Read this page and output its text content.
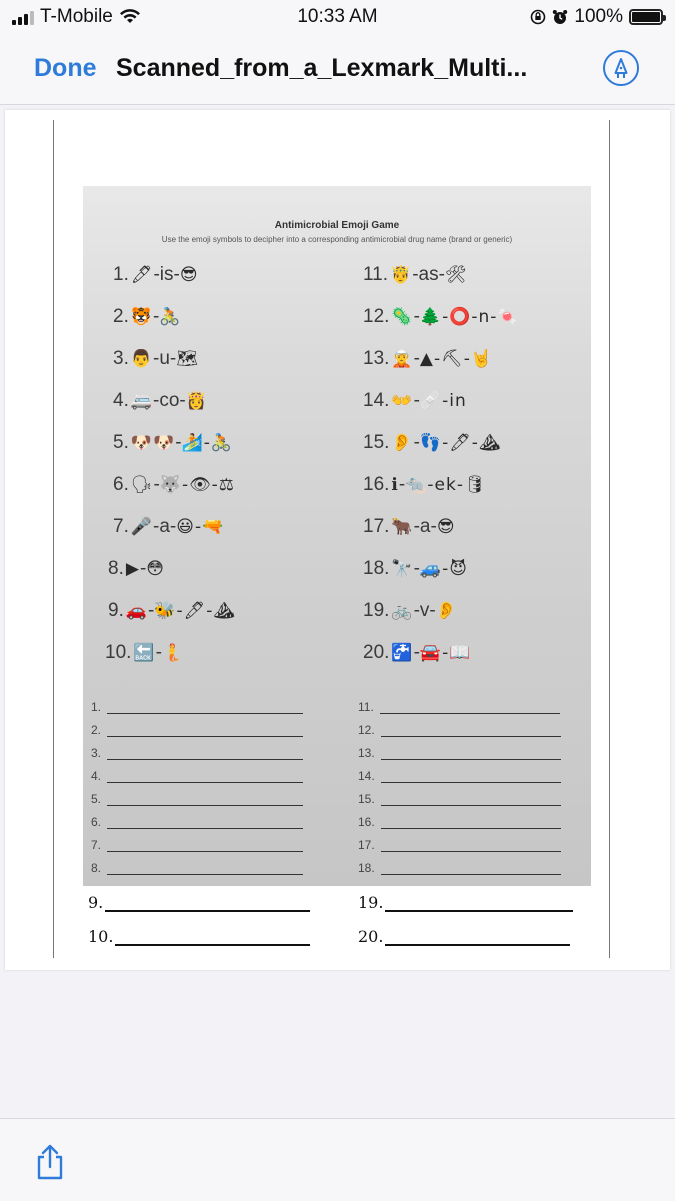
T-Mobile	10:33 AM	100%
Done Scanned_from_a_Lexmark_Multi...
Antimicrobial Emoji Game
Use the emoji symbols to decipher into a corresponding antimicrobial drug name (brand or generic)
1. 🖊 -is- 😎
2. 🐯 - 🚴
3. 👨 -u- 🗺
4. 🚐 -co- 👸
5. 🐶🐶 - 🏄-🚴
6. 🗣 - 🐺-👁-⚖
7. 🎤 -a- 😃-🔫
8. ▶ - 😳
9. 🚗 - 🐝-🖊-⛰
10. 🔙 - 🧜
11. 🤴 -as- 🛠
12. 🦠 - 🌲-⭕-n-🍬
13. 🧝 - ▲-⛏-🤘
14. 👐 - 🩹-in
15. 👂 - 👣-🖊-⛰
16. ℹ - 🐀-ek-🛢
17. 🐂 -a- 😎
18. 🔭 - 🚙-😈
19. 🚲 -v- 👂
20. 🚰 - 🚘-📖
1.
2.
3.
4.
5.
6.
7.
8.
11.
12.
13.
14.
15.
16.
17.
18.
9.
10.
19.
20.
